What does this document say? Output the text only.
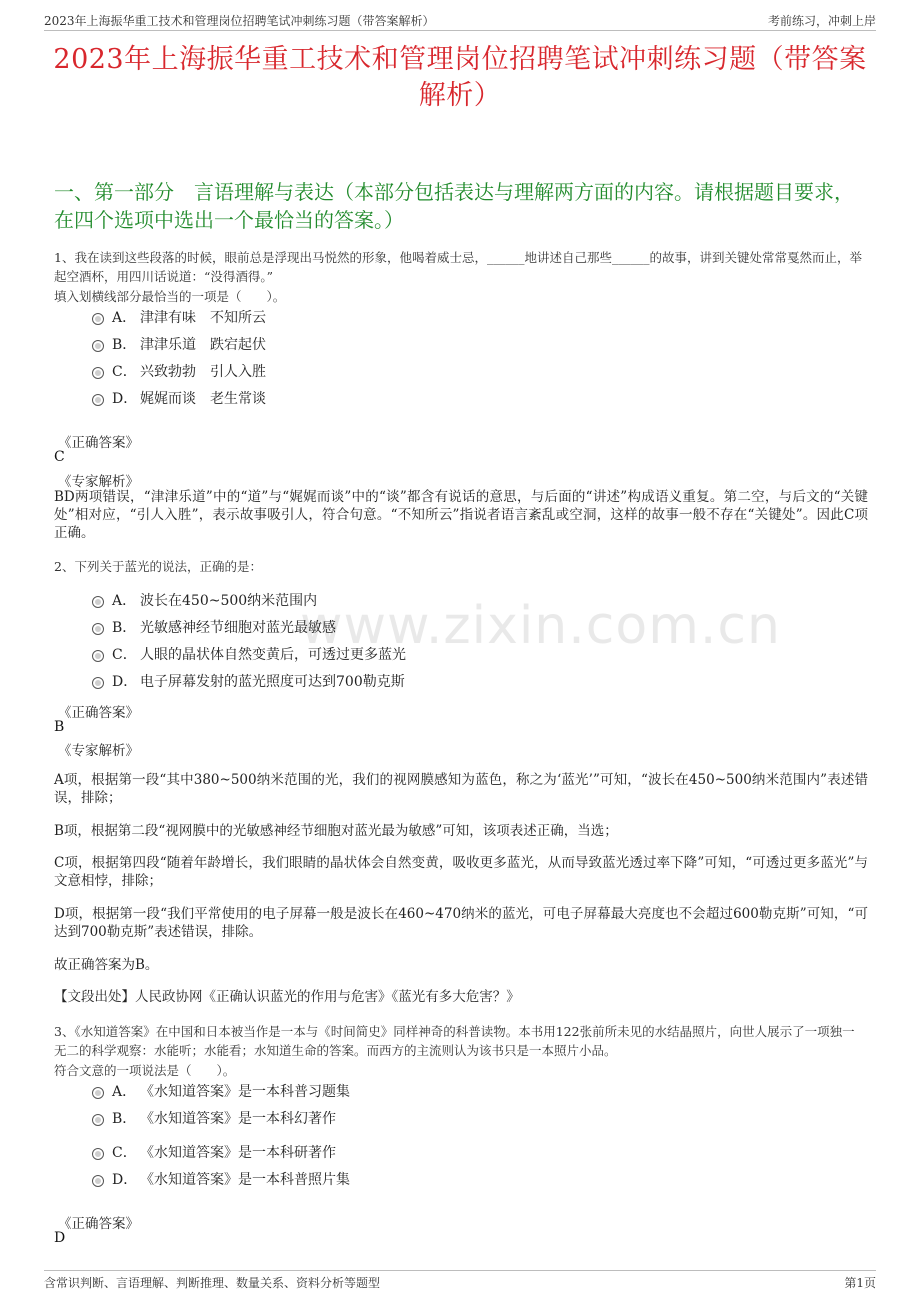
2023年上海振华重工技术和管理岗位招聘笔试冲刺练习题（带答案解析）	考前练习，冲刺上岸
2023年上海振华重工技术和管理岗位招聘笔试冲刺练习题（带答案解析）
一、第一部分　言语理解与表达（本部分包括表达与理解两方面的内容。请根据题目要求，在四个选项中选出一个最恰当的答案。）
www.zixin.com.cn
1、我在读到这些段落的时候，眼前总是浮现出马悦然的形象，他喝着威士忌，______地讲述自己那些______的故事，讲到关键处常常戛然而止，举起空酒杯，用四川话说道：“没得酒得。”
填入划横线部分最恰当的一项是（　　）。
A． 津津有味　不知所云
B． 津津乐道　跌宕起伏
C． 兴致勃勃　引人入胜
D． 娓娓而谈　老生常谈
《正确答案》
C
《专家解析》
BD两项错误，“津津乐道”中的“道”与“娓娓而谈”中的“谈”都含有说话的意思，与后面的“讲述”构成语义重复。第二空，与后文的“关键处”相对应，“引人入胜”，表示故事吸引人，符合句意。“不知所云”指说者语言紊乱或空洞，这样的故事一般不存在“关键处”。因此C项正确。
2、下列关于蓝光的说法，正确的是：
A． 波长在450~500纳米范围内
B． 光敏感神经节细胞对蓝光最敏感
C． 人眼的晶状体自然变黄后，可透过更多蓝光
D． 电子屏幕发射的蓝光照度可达到700勒克斯
《正确答案》
B
《专家解析》
A项，根据第一段“其中380~500纳米范围的光，我们的视网膜感知为蓝色，称之为‘蓝光’”可知，“波长在450~500纳米范围内”表述错误，排除；
B项，根据第二段“视网膜中的光敏感神经节细胞对蓝光最为敏感”可知，该项表述正确，当选；
C项，根据第四段“随着年龄增长，我们眼睛的晶状体会自然变黄，吸收更多蓝光，从而导致蓝光透过率下降”可知，“可透过更多蓝光”与文意相悖，排除；
D项，根据第一段“我们平常使用的电子屏幕一般是波长在460~470纳米的蓝光，可电子屏幕最大亮度也不会超过600勒克斯”可知，“可达到700勒克斯”表述错误，排除。
故正确答案为B。
【文段出处】人民政协网《正确认识蓝光的作用与危害》《蓝光有多大危害？》
3、《水知道答案》在中国和日本被当作是一本与《时间简史》同样神奇的科普读物。本书用122张前所未见的水结晶照片，向世人展示了一项独一无二的科学观察：水能听；水能看；水知道生命的答案。而西方的主流则认为该书只是一本照片小品。
符合文意的一项说法是（　　）。
A． 《水知道答案》是一本科普习题集
B． 《水知道答案》是一本科幻著作
C． 《水知道答案》是一本科研著作
D． 《水知道答案》是一本科普照片集
《正确答案》
D
含常识判断、言语理解、判断推理、数量关系、资料分析等题型	第1页
